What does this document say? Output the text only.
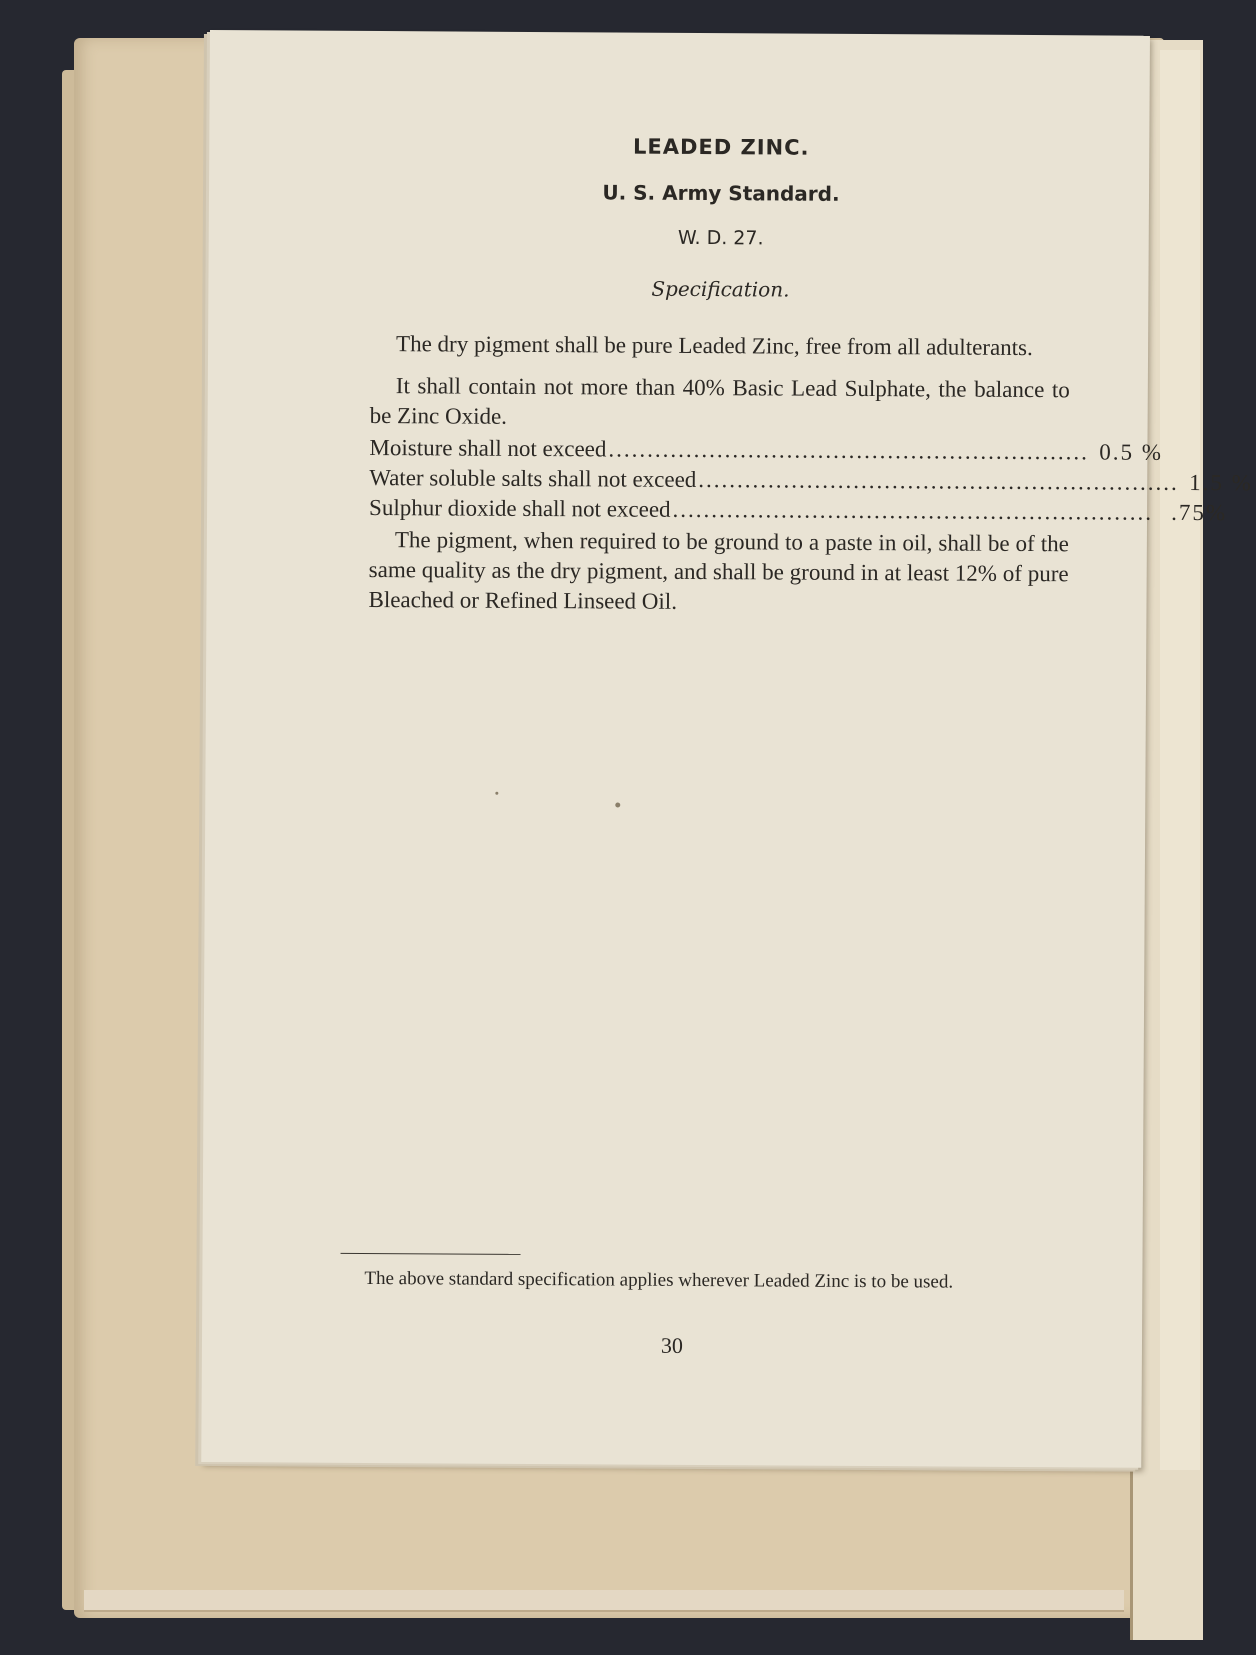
LEADED ZINC.

U. S. Army Standard.

W. D. 27.

Specification.

The dry pigment shall be pure Leaded Zinc, free from all adulterants.

It shall contain not more than 40% Basic Lead Sulphate, the balance to be Zinc Oxide.

Moisture shall not exceed .............................................................. 0.5 %
Water soluble salts shall not exceed .............................................................. 1.5 %
Sulphur dioxide shall not exceed .............................................................. .75%

The pigment, when required to be ground to a paste in oil, shall be of the same quality as the dry pigment, and shall be ground in at least 12% of pure Bleached or Refined Linseed Oil.

The above standard specification applies wherever Leaded Zinc is to be used.
30
